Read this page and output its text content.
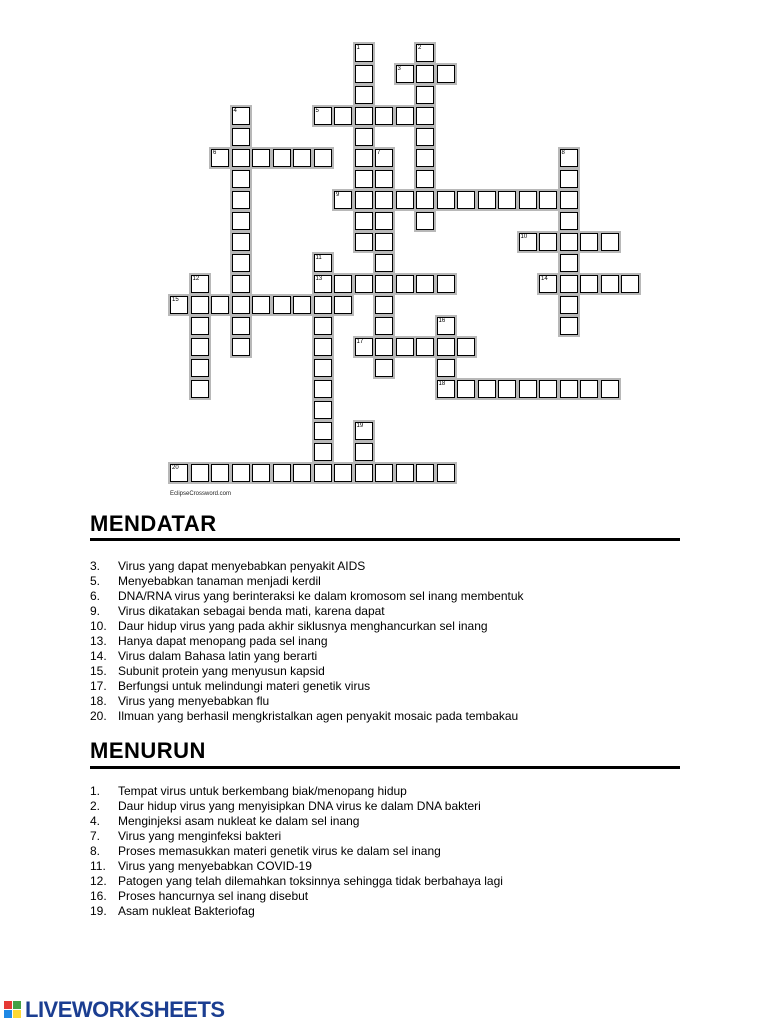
1	2
3
4	5
6	7	8
9
10
11
13
12	14
15
16
17
18
19
20
EclipseCrossword.com
MENDATAR
3.	Virus yang dapat menyebabkan penyakit AIDS
5.	Menyebabkan tanaman menjadi kerdil
6.	DNA/RNA virus yang berinteraksi ke dalam kromosom sel inang membentuk
9.	Virus dikatakan sebagai benda mati, karena dapat
10. Daur hidup virus yang pada akhir siklusnya menghancurkan sel inang
13. Hanya dapat menopang pada sel inang
14. Virus dalam Bahasa latin yang berarti
15. Subunit protein yang menyusun kapsid
17. Berfungsi untuk melindungi materi genetik virus
18. Virus yang menyebabkan flu
20. Ilmuan yang berhasil mengkristalkan agen penyakit mosaic pada tembakau
MENURUN
1.	Tempat virus untuk berkembang biak/menopang hidup
2.	Daur hidup virus yang menyisipkan DNA virus ke dalam DNA bakteri
4.	Menginjeksi asam nukleat ke dalam sel inang
7.	Virus yang menginfeksi bakteri
8.	Proses memasukkan materi genetik virus ke dalam sel inang
11.	Virus yang menyebabkan COVID-19
12. Patogen yang telah dilemahkan toksinnya sehingga tidak berbahaya lagi
16. Proses hancurnya sel inang disebut
19. Asam nukleat Bakteriofag
LIVEWORKSHEETS
